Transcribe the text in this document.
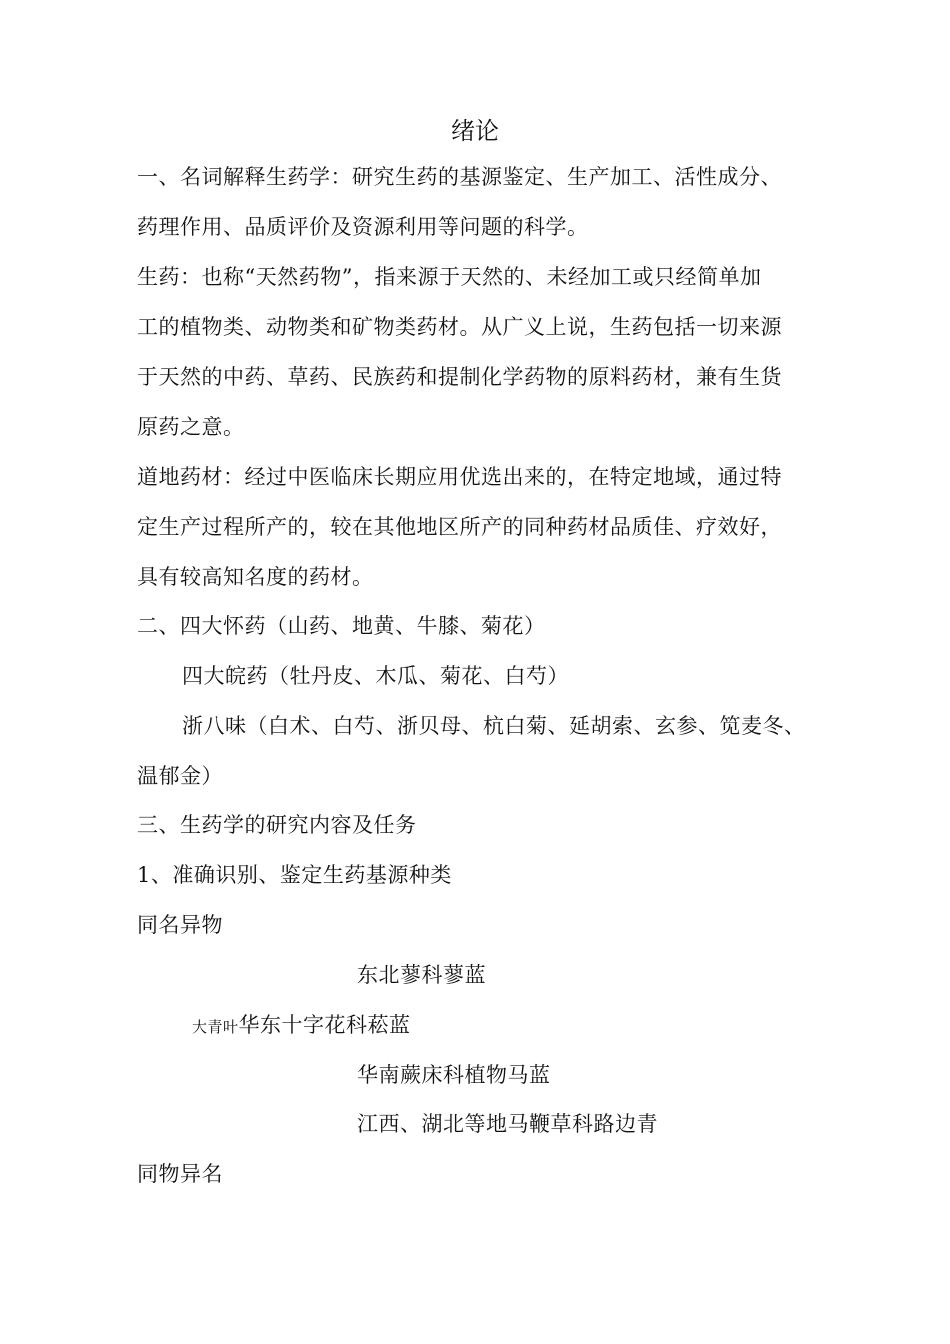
绪论
一、名词解释生药学：研究生药的基源鉴定、生产加工、活性成分、
药理作用、品质评价及资源利用等问题的科学。
生药：也称“天然药物”，指来源于天然的、未经加工或只经简单加
工的植物类、动物类和矿物类药材。从广义上说，生药包括一切来源
于天然的中药、草药、民族药和提制化学药物的原料药材，兼有生货
原药之意。
道地药材：经过中医临床长期应用优选出来的，在特定地域，通过特
定生产过程所产的，较在其他地区所产的同种药材品质佳、疗效好，
具有较高知名度的药材。
二、四大怀药（山药、地黄、牛膝、菊花）
四大皖药（牡丹皮、木瓜、菊花、白芍）
浙八味（白术、白芍、浙贝母、杭白菊、延胡索、玄参、笕麦冬、
温郁金）
三、生药学的研究内容及任务
1、准确识别、鉴定生药基源种类
同名异物
东北蓼科蓼蓝
大青叶华东十字花科菘蓝
华南蕨床科植物马蓝
江西、湖北等地马鞭草科路边青
同物异名
